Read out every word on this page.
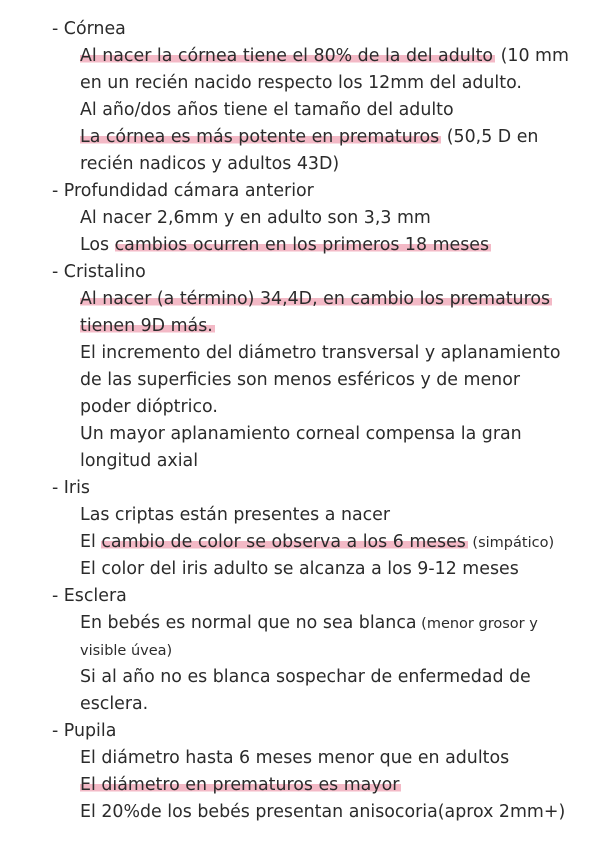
- Córnea
Al nacer la córnea tiene el 80% de la del adulto (10 mm
en un recién nacido respecto los 12mm del adulto.
Al año/dos años tiene el tamaño del adulto
La córnea es más potente en prematuros (50,5 D en
recién nadicos y adultos 43D)
- Profundidad cámara anterior
Al nacer 2,6mm y en adulto son 3,3 mm
Los cambios ocurren en los primeros 18 meses
- Cristalino
Al nacer (a término) 34,4D, en cambio los prematuros
tienen 9D más.
El incremento del diámetro transversal y aplanamiento
de las superficies son menos esféricos y de menor
poder dióptrico.
Un mayor aplanamiento corneal compensa la gran
longitud axial
- Iris
Las criptas están presentes a nacer
El cambio de color se observa a los 6 meses (simpático)
El color del iris adulto se alcanza a los 9-12 meses
- Esclera
En bebés es normal que no sea blanca (menor grosor y
visible úvea)
Si al año no es blanca sospechar de enfermedad de
esclera.
- Pupila
El diámetro hasta 6 meses menor que en adultos
El diámetro en prematuros es mayor
El 20%de los bebés presentan anisocoria(aprox 2mm+)
